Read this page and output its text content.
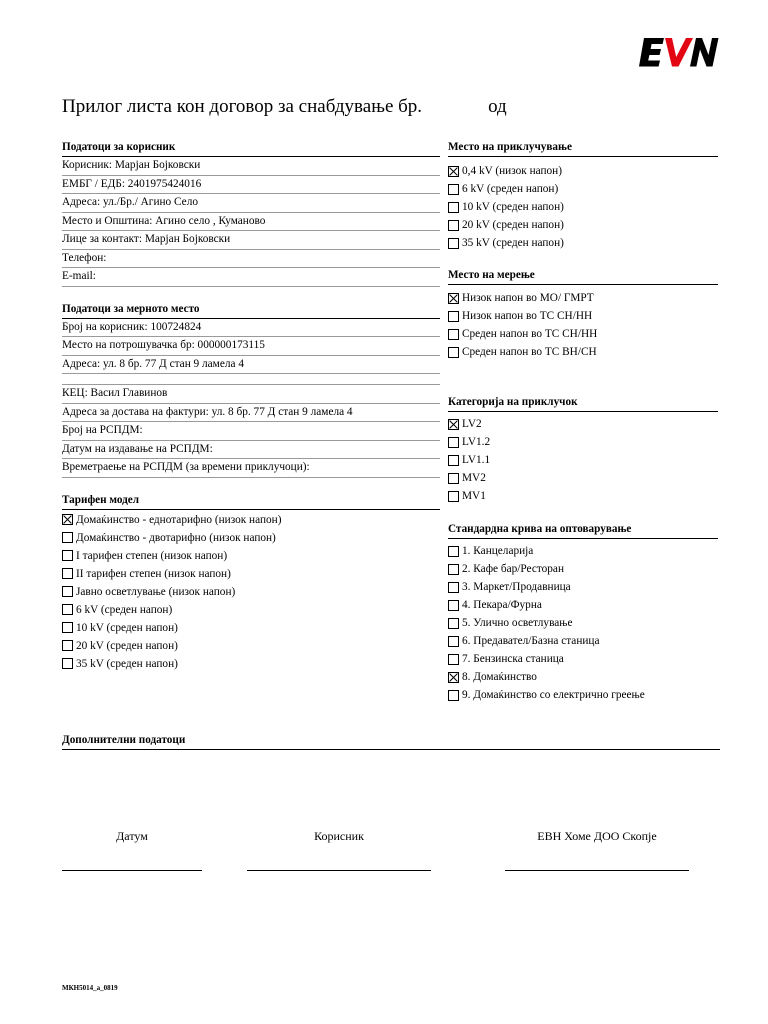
Прилог листа кон договор за снабдување бр.	од
Податоци за корисник
Корисник: Марјан Бојковски
ЕМБГ / ЕДБ: 2401975424016
Адреса: ул./Бр./ Агино Село
Место и Општина: Агино село , Куманово
Лице за контакт: Марјан Бојковски
Телефон:
E-mail:
Податоци за мерното место
Број на корисник: 100724824
Место на потрошувачка бр: 000000173115
Адреса: ул. 8 бр. 77 Д стан 9 ламела 4
КЕЦ: Васил Главинов
Адреса за достава на фактури: ул. 8 бр. 77 Д стан 9 ламела 4
Број на РСПДМ:
Датум на издавање на РСПДМ:
Времетраење на РСПДМ (за времени приклучоци):
Тарифен модел
Домаќинство - еднотарифно (низок напон)
Домаќинство - двотарифно (низок напон)
I тарифен степен (низок напон)
II тарифен степен (низок напон)
Јавно осветлување (низок напон)
6 kV (среден напон)
10 kV (среден напон)
20 kV (среден напон)
35 kV (среден напон)
Место на приклучување
0,4 kV (низок напон)
6 kV (среден напон)
10 kV (среден напон)
20 kV (среден напон)
35 kV (среден напон)
Место на мерење
Низок напон во МО/ ГМРТ
Низок напон во ТС СН/НН
Среден напон во ТС СН/НН
Среден напон во ТС ВН/СН
Категорија на приклучок
LV2
LV1.2
LV1.1
MV2
MV1
Стандардна крива на оптоварување
1. Канцеларија
2. Кафе бар/Ресторан
3. Маркет/Продавница
4. Пекара/Фурна
5. Улично осветлување
6. Предавател/Базна станица
7. Бензинска станица
8. Домаќинство
9. Домаќинство со електрично греење
Дополнителни податоци
Датум	Корисник	ЕВН Хоме ДОО Скопје
МКН5014_а_0819
